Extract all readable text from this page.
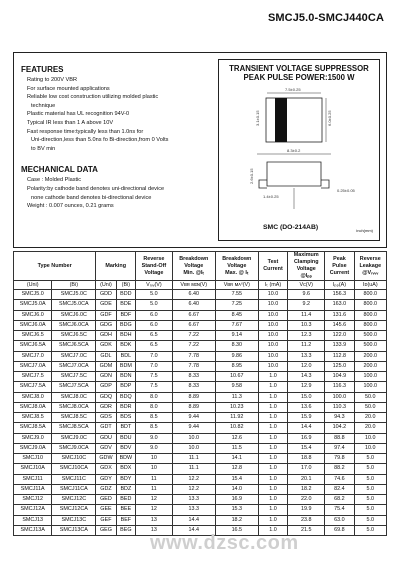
SMCJ5.0-SMCJ440CA
FEATURES
Rating to 200V VBR
For surface mounted applications
Reliable low cost construction utilizing molded plastic
technique
Plastic material has UL recognition 94V-0
Typical IR less than 1 A above 10V
Fast response time:typically less than 1.0ns for
Uni-direction,less than 5.0ns fo Bi-direction,from 0 Volts
to BV min
MECHANICAL DATA
Case : Molded Plastic
Polarity:by cathode band denotes uni-directional device
none cathode band denotes bi-directional device
Weight : 0.007 ounces, 0.21 grams
TRANSIENT VOLTAGE SUPPRESSOR
PEAK PULSE POWER:1500 W
7.5±0.25
6.0±0.25
3.1±0.15
8.3±0.2
2.6±0.15
1.4±0.25
0.25±0.05
SMC (DO-214AB)	inch(mm)
Type Number		Marking		Reverse
Stand-Off
Voltage	Breakdown
Voltage
Min. @Iₜ	Breakdown
Voltage
Max. @ Iₜ	Test
Current	Maximum
Clamping
Voltage
@Iₚₚ	Peak
Pulse
Current	Reverse
Leakage
@Vᵣᵥᵥᵥ
(Uni)	(Bi)	(Uni)	(Bi)	Vᵣᵥᵥ(V)	Vʙʀ ᴍɪɴ(V)	Vʙʀ ᴍᴀˣ(V)	Iₜ (mA)	Vᴄ(V)	Iₚₚ(A)	Iᴅ(uA)
SMCJ5.0	SMCJ5.0C	GDD	BDD	5.0	6.40	7.55	10.0	9.6	156.3	800.0
SMCJ5.0A	SMCJ5.0CA	GDE	BDE	5.0	6.40	7.25	10.0	9.2	163.0	800.0
SMCJ6.0	SMCJ6.0C	GDF	BDF	6.0	6.67	8.45	10.0	11.4	131.6	800.0
SMCJ6.0A	SMCJ6.0CA	GDG	BDG	6.0	6.67	7.67	10.0	10.3	145.6	800.0
SMCJ6.5	SMCJ6.5C	GDH	BDH	6.5	7.22	9.14	10.0	12.3	122.0	500.0
SMCJ6.5A	SMCJ6.5CA	GDK	BDK	6.5	7.22	8.30	10.0	11.2	133.9	500.0
SMCJ7.0	SMCJ7.0C	GDL	BDL	7.0	7.78	9.86	10.0	13.3	112.8	200.0
SMCJ7.0A	SMCJ7.0CA	GDM	BDM	7.0	7.78	8.95	10.0	12.0	125.0	200.0
SMCJ7.5	SMCJ7.5C	GDN	BDN	7.5	8.33	10.67	1.0	14.3	104.9	100.0
SMCJ7.5A	SMCJ7.5CA	GDP	BDP	7.5	8.33	9.58	1.0	12.9	116.3	100.0
SMCJ8.0	SMCJ8.0C	GDQ	BDQ	8.0	8.89	11.3	1.0	15.0	100.0	50.0
SMCJ8.0A	SMCJ8.0CA	GDR	BDR	8.0	8.89	10.23	1.0	13.6	110.3	50.0
SMCJ8.5	SMCJ8.5C	GDS	BDS	8.5	9.44	11.92	1.0	15.9	94.3	20.0
SMCJ8.5A	SMCJ8.5CA	GDT	BDT	8.5	9.44	10.82	1.0	14.4	104.2	20.0
SMCJ9.0	SMCJ9.0C	GDU	BDU	9.0	10.0	12.6	1.0	16.9	88.8	10.0
SMCJ9.0A	SMCJ9.0CA	GDV	BDV	9.0	10.0	11.5	1.0	15.4	97.4	10.0
SMCJ10	SMCJ10C	GDW	BDW	10	11.1	14.1	1.0	18.8	79.8	5.0
SMCJ10A	SMCJ10CA	GDX	BDX	10	11.1	12.8	1.0	17.0	88.2	5.0
SMCJ11	SMCJ11C	GDY	BDY	11	12.2	15.4	1.0	20.1	74.6	5.0
SMCJ11A	SMCJ11CA	GDZ	BDZ	11	12.2	14.0	1.0	18.2	82.4	5.0
SMCJ12	SMCJ12C	GED	BED	12	13.3	16.9	1.0	22.0	68.2	5.0
SMCJ12A	SMCJ12CA	GEE	BEE	12	13.3	15.3	1.0	19.9	75.4	5.0
SMCJ13	SMCJ13C	GEF	BEF	13	14.4	18.2	1.0	23.8	63.0	5.0
SMCJ13A	SMCJ13CA	GEG	BEG	13	14.4	16.5	1.0	21.5	69.8	5.0
www.dzsc.com
